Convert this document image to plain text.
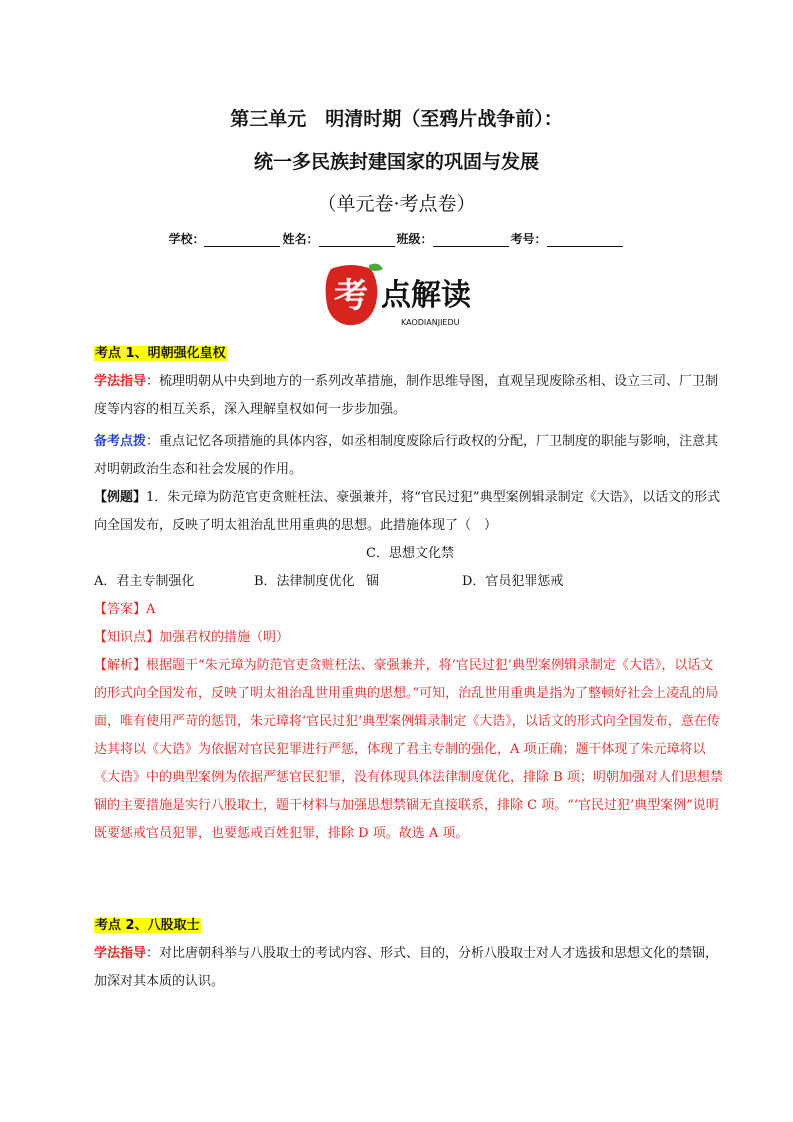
第三单元　明清时期（至鸦片战争前）：
统一多民族封建国家的巩固与发展
（单元卷·考点卷）
学校：	姓名：	班级：	考号：
考 点解读
KAODIANJIEDU
考点 1、明朝强化皇权
学法指导：梳理明朝从中央到地方的一系列改革措施，制作思维导图，直观呈现废除丞相、设立三司、厂卫制度等内容的相互关系，深入理解皇权如何一步步加强。
备考点拨：重点记忆各项措施的具体内容，如丞相制度废除后行政权的分配，厂卫制度的职能与影响，注意其对明朝政治生态和社会发展的作用。
【例题】1．朱元璋为防范官吏贪赃枉法、豪强兼并，将“官民过犯”典型案例辑录制定《大诰》，以话文的形式向全国发布，反映了明太祖治乱世用重典的思想。此措施体现了（　）
A．君主专制强化	B．法律制度优化C．思想文化禁锢	D．官员犯罪惩戒
【答案】A
【知识点】加强君权的措施（明）
【解析】根据题干“朱元璋为防范官吏贪赃枉法、豪强兼并，将‘官民过犯’典型案例辑录制定《大诰》，以话文的形式向全国发布，反映了明太祖治乱世用重典的思想。”可知，治乱世用重典是指为了整顿好社会上凌乱的局面，唯有使用严苛的惩罚，朱元璋将‘官民过犯’典型案例辑录制定《大诰》，以话文的形式向全国发布，意在传达其将以《大诰》为依据对官民犯罪进行严惩，体现了君主专制的强化，A 项正确；题干体现了朱元璋将以《大诰》中的典型案例为依据严惩官民犯罪，没有体现具体法律制度优化，排除 B 项；明朝加强对人们思想禁锢的主要措施是实行八股取士，题干材料与加强思想禁锢无直接联系，排除 C 项。“‘官民过犯’典型案例”说明既要惩戒官员犯罪，也要惩戒百姓犯罪，排除 D 项。故选 A 项。
考点 2、八股取士
学法指导：对比唐朝科举与八股取士的考试内容、形式、目的，分析八股取士对人才选拔和思想文化的禁锢，加深对其本质的认识。
